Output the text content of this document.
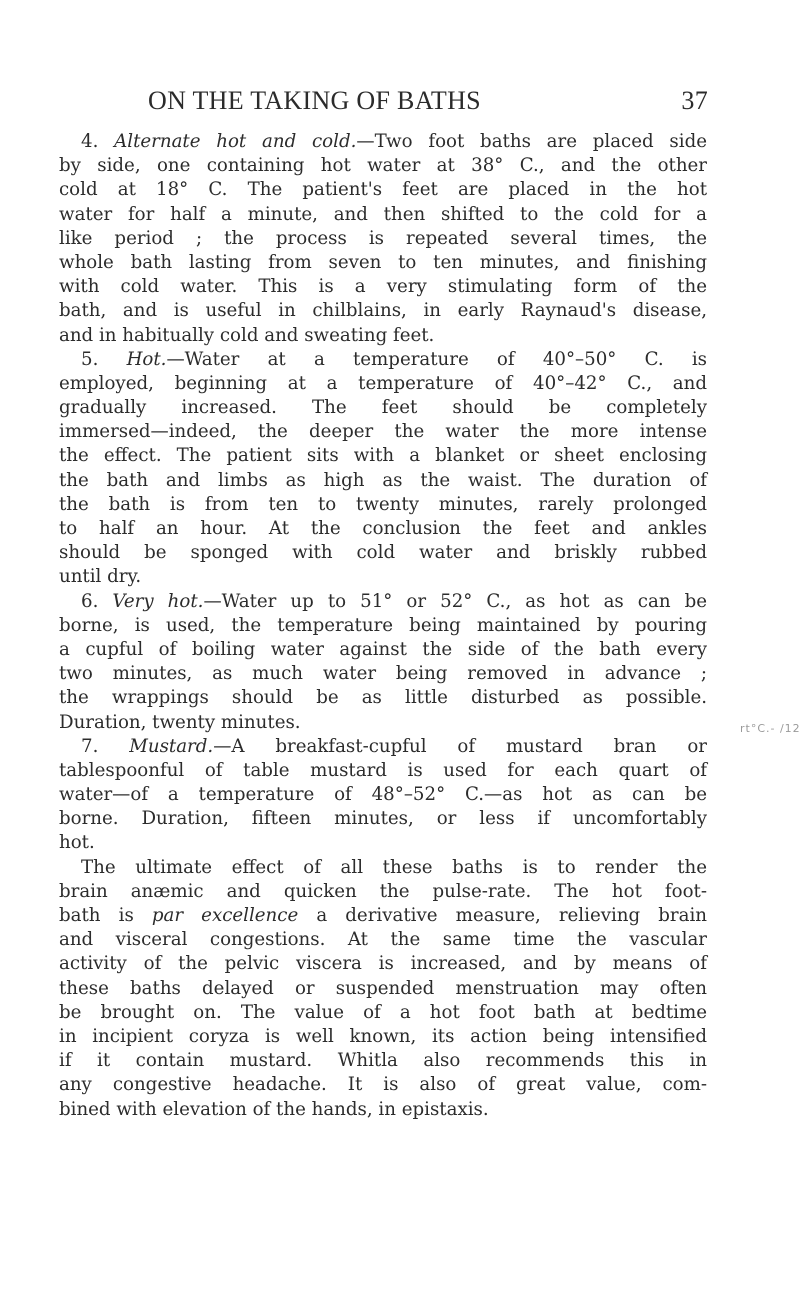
ON THE TAKING OF BATHS	37
4. Alternate hot and cold.—Two foot baths are placed side
by side, one containing hot water at 38° C., and the other
cold at 18° C. The patient's feet are placed in the hot
water for half a minute, and then shifted to the cold for a
like period ; the process is repeated several times, the
whole bath lasting from seven to ten minutes, and finishing
with cold water. This is a very stimulating form of the
bath, and is useful in chilblains, in early Raynaud's disease,
and in habitually cold and sweating feet.
5. Hot.—Water at a temperature of 40°–50° C. is
employed, beginning at a temperature of 40°–42° C., and
gradually increased. The feet should be completely
immersed—indeed, the deeper the water the more intense
the effect. The patient sits with a blanket or sheet enclosing
the bath and limbs as high as the waist. The duration of
the bath is from ten to twenty minutes, rarely prolonged
to half an hour. At the conclusion the feet and ankles
should be sponged with cold water and briskly rubbed
until dry.
6. Very hot.—Water up to 51° or 52° C., as hot as can be
borne, is used, the temperature being maintained by pouring
a cupful of boiling water against the side of the bath every
two minutes, as much water being removed in advance ;
the wrappings should be as little disturbed as possible.
Duration, twenty minutes.
7. Mustard.—A breakfast-cupful of mustard bran or
tablespoonful of table mustard is used for each quart of
water—of a temperature of 48°–52° C.—as hot as can be
borne. Duration, fifteen minutes, or less if uncomfortably
hot.
The ultimate effect of all these baths is to render the
brain anæmic and quicken the pulse-rate. The hot foot-
bath is par excellence a derivative measure, relieving brain
and visceral congestions. At the same time the vascular
activity of the pelvic viscera is increased, and by means of
these baths delayed or suspended menstruation may often
be brought on. The value of a hot foot bath at bedtime
in incipient coryza is well known, its action being intensified
if it contain mustard. Whitla also recommends this in
any congestive headache. It is also of great value, com-
bined with elevation of the hands, in epistaxis.
rt°C.- /12
